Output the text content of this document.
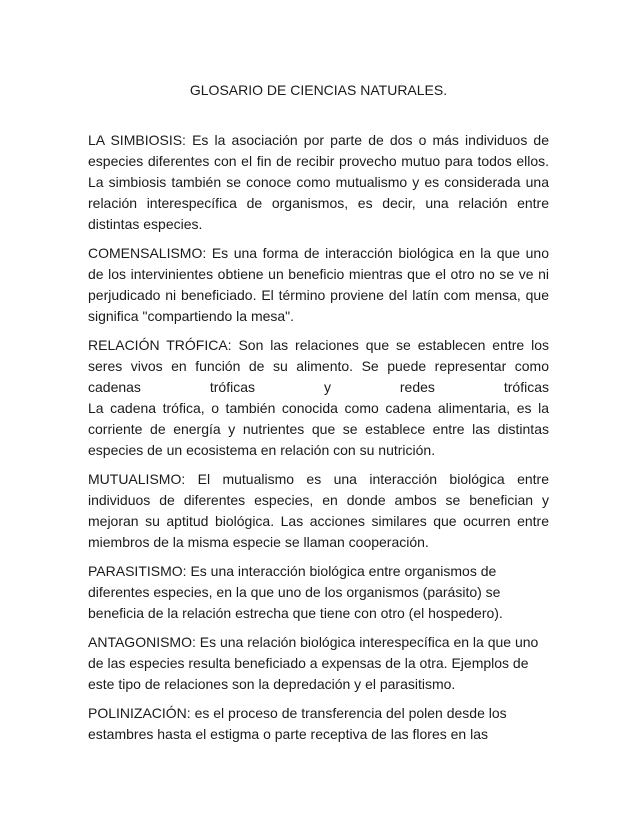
GLOSARIO DE CIENCIAS NATURALES.

LA SIMBIOSIS: Es la asociación por parte de dos o más individuos de especies diferentes con el fin de recibir provecho mutuo para todos ellos. La simbiosis también se conoce como mutualismo y es considerada una relación interespecífica de organismos, es decir, una relación entre distintas especies.

COMENSALISMO: Es una forma de interacción biológica en la que uno de los intervinientes obtiene un beneficio mientras que el otro no se ve ni perjudicado ni beneficiado. El término proviene del latín com mensa, que significa "compartiendo la mesa".

RELACIÓN TRÓFICA: Son las relaciones que se establecen entre los seres vivos en función de su alimento. Se puede representar como
cadenas tróficas y redes tróficas
La cadena trófica, o también conocida como cadena alimentaria, es la corriente de energía y nutrientes que se establece entre las distintas especies de un ecosistema en relación con su nutrición.

MUTUALISMO: El mutualismo es una interacción biológica entre individuos de diferentes especies, en donde ambos se benefician y mejoran su aptitud biológica. Las acciones similares que ocurren entre miembros de la misma especie se llaman cooperación.

PARASITISMO: Es una interacción biológica entre organismos de diferentes especies, en la que uno de los organismos (parásito) se beneficia de la relación estrecha que tiene con otro (el hospedero).

ANTAGONISMO: Es una relación biológica interespecífica en la que uno de las especies resulta beneficiado a expensas de la otra. Ejemplos de este tipo de relaciones son la depredación y el parasitismo.

POLINIZACIÓN: es el proceso de transferencia del polen desde los estambres hasta el estigma o parte receptiva de las flores en las
